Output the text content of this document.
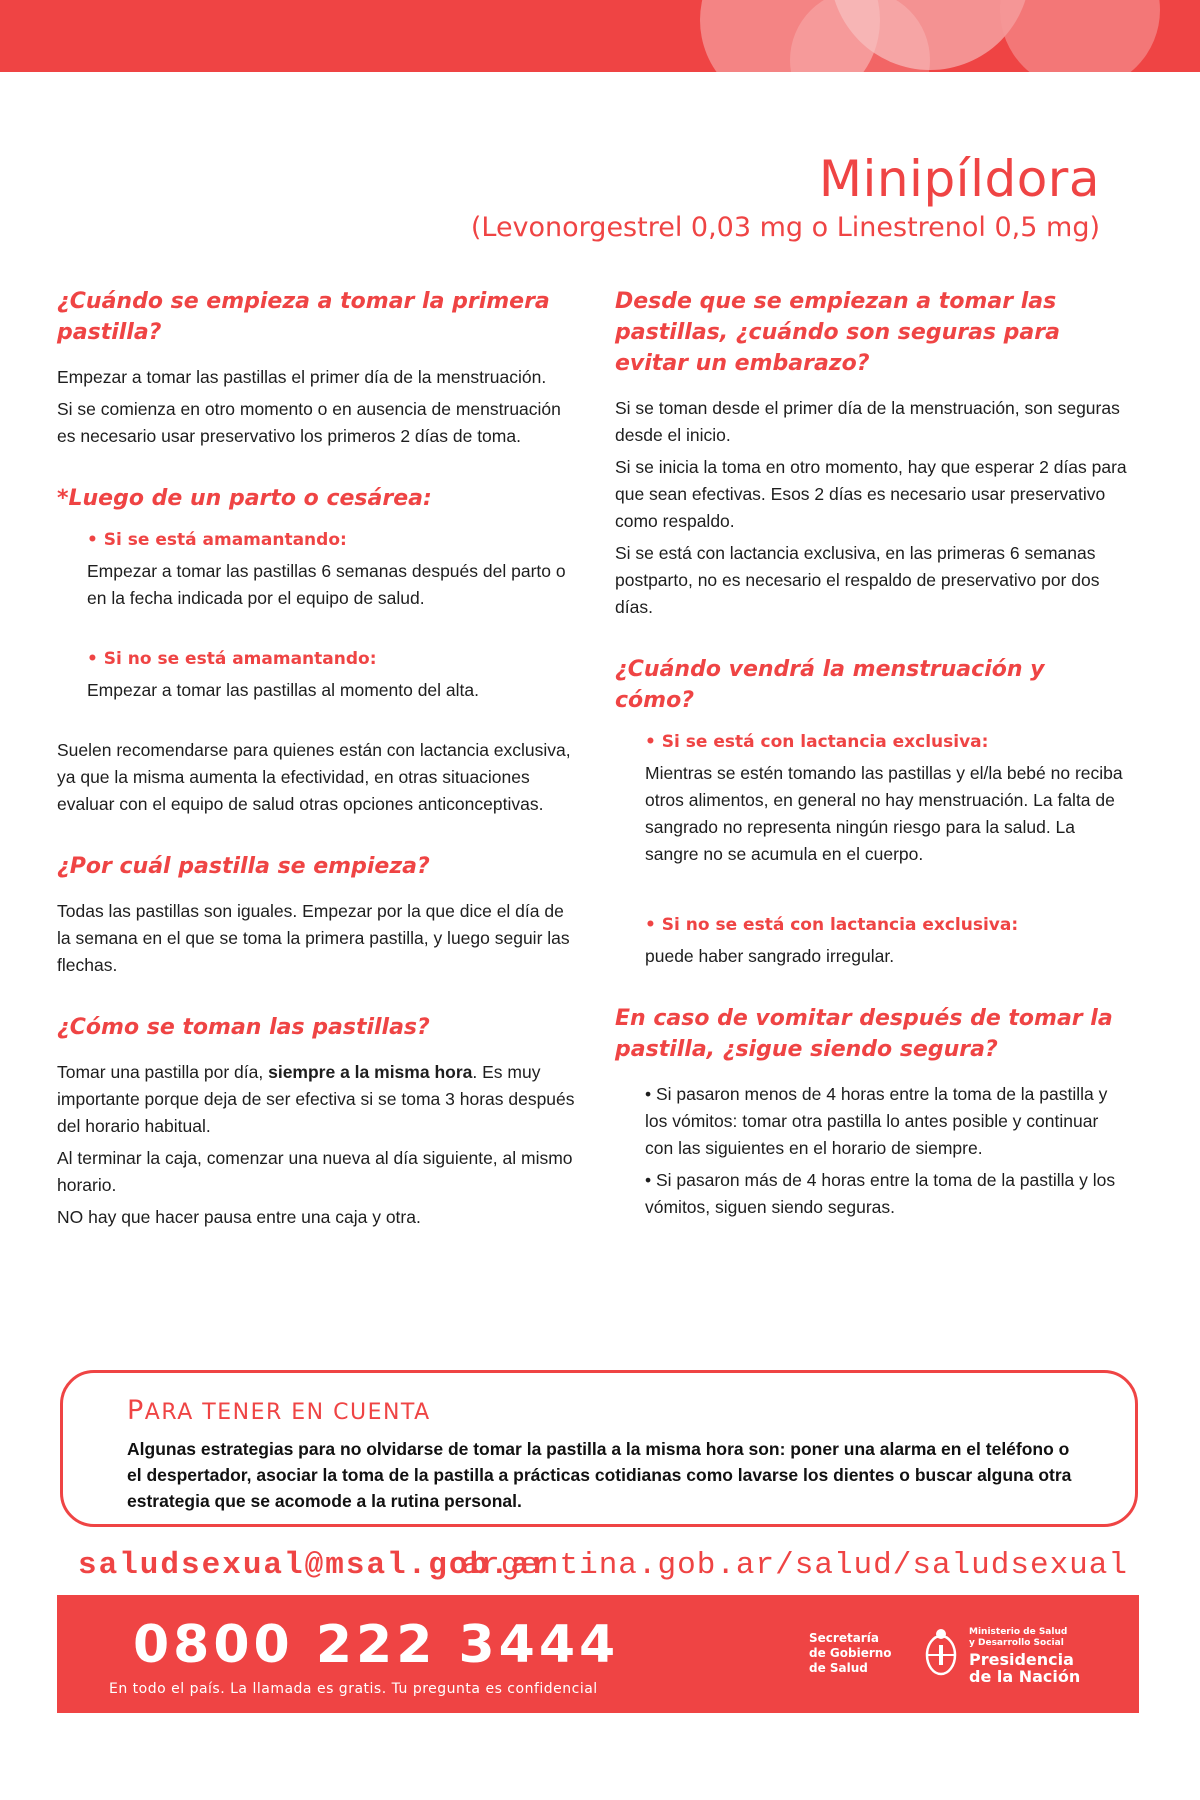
Minipíldora
(Levonorgestrel 0,03 mg o Linestrenol 0,5 mg)
¿Cuándo se empieza a tomar la primera pastilla?
Empezar a tomar las pastillas el primer día de la menstruación.
Si se comienza en otro momento o en ausencia de menstruación es necesario usar preservativo los primeros 2 días de toma.
*Luego de un parto o cesárea:
• Si se está amamantando:
Empezar a tomar las pastillas 6 semanas después del parto o en la fecha indicada por el equipo de salud.
• Si no se está amamantando:
Empezar a tomar las pastillas al momento del alta.
Suelen recomendarse para quienes están con lactancia exclusiva, ya que la misma aumenta la efectividad, en otras situaciones evaluar con el equipo de salud otras opciones anticonceptivas.
¿Por cuál pastilla se empieza?
Todas las pastillas son iguales. Empezar por la que dice el día de la semana en el que se toma la primera pastilla, y luego seguir las flechas.
¿Cómo se toman las pastillas?
Tomar una pastilla por día, siempre a la misma hora. Es muy importante porque deja de ser efectiva si se toma 3 horas después del horario habitual.
Al terminar la caja, comenzar una nueva al día siguiente, al mismo horario.
NO hay que hacer pausa entre una caja y otra.
Desde que se empiezan a tomar las pastillas, ¿cuándo son seguras para evitar un embarazo?
Si se toman desde el primer día de la menstruación, son seguras desde el inicio.
Si se inicia la toma en otro momento, hay que esperar 2 días para que sean efectivas. Esos 2 días es necesario usar preservativo como respaldo.
Si se está con lactancia exclusiva, en las primeras 6 semanas postparto, no es necesario el respaldo de preservativo por dos días.
¿Cuándo vendrá la menstruación y cómo?
• Si se está con lactancia exclusiva:
Mientras se estén tomando las pastillas y el/la bebé no reciba otros alimentos, en general no hay menstruación. La falta de sangrado no representa ningún riesgo para la salud. La sangre no se acumula en el cuerpo.
• Si no se está con lactancia exclusiva:
puede haber sangrado irregular.
En caso de vomitar después de tomar la pastilla, ¿sigue siendo segura?
• Si pasaron menos de 4 horas entre la toma de la pastilla y los vómitos: tomar otra pastilla lo antes posible y continuar con las siguientes en el horario de siempre.
• Si pasaron más de 4 horas entre la toma de la pastilla y los vómitos, siguen siendo seguras.
PARA TENER EN CUENTA
Algunas estrategias para no olvidarse de tomar la pastilla a la misma hora son: poner una alarma en el teléfono o el despertador, asociar la toma de la pastilla a prácticas cotidianas como lavarse los dientes o buscar alguna otra estrategia que se acomode a la rutina personal.
saludsexual@msal.gob.ar
argentina.gob.ar/salud/saludsexual
0800 222 3444
En todo el país. La llamada es gratis. Tu pregunta es confidencial
Secretaría
de Gobierno
de Salud
Ministerio de Salud
y Desarrollo Social
Presidencia
de la Nación
